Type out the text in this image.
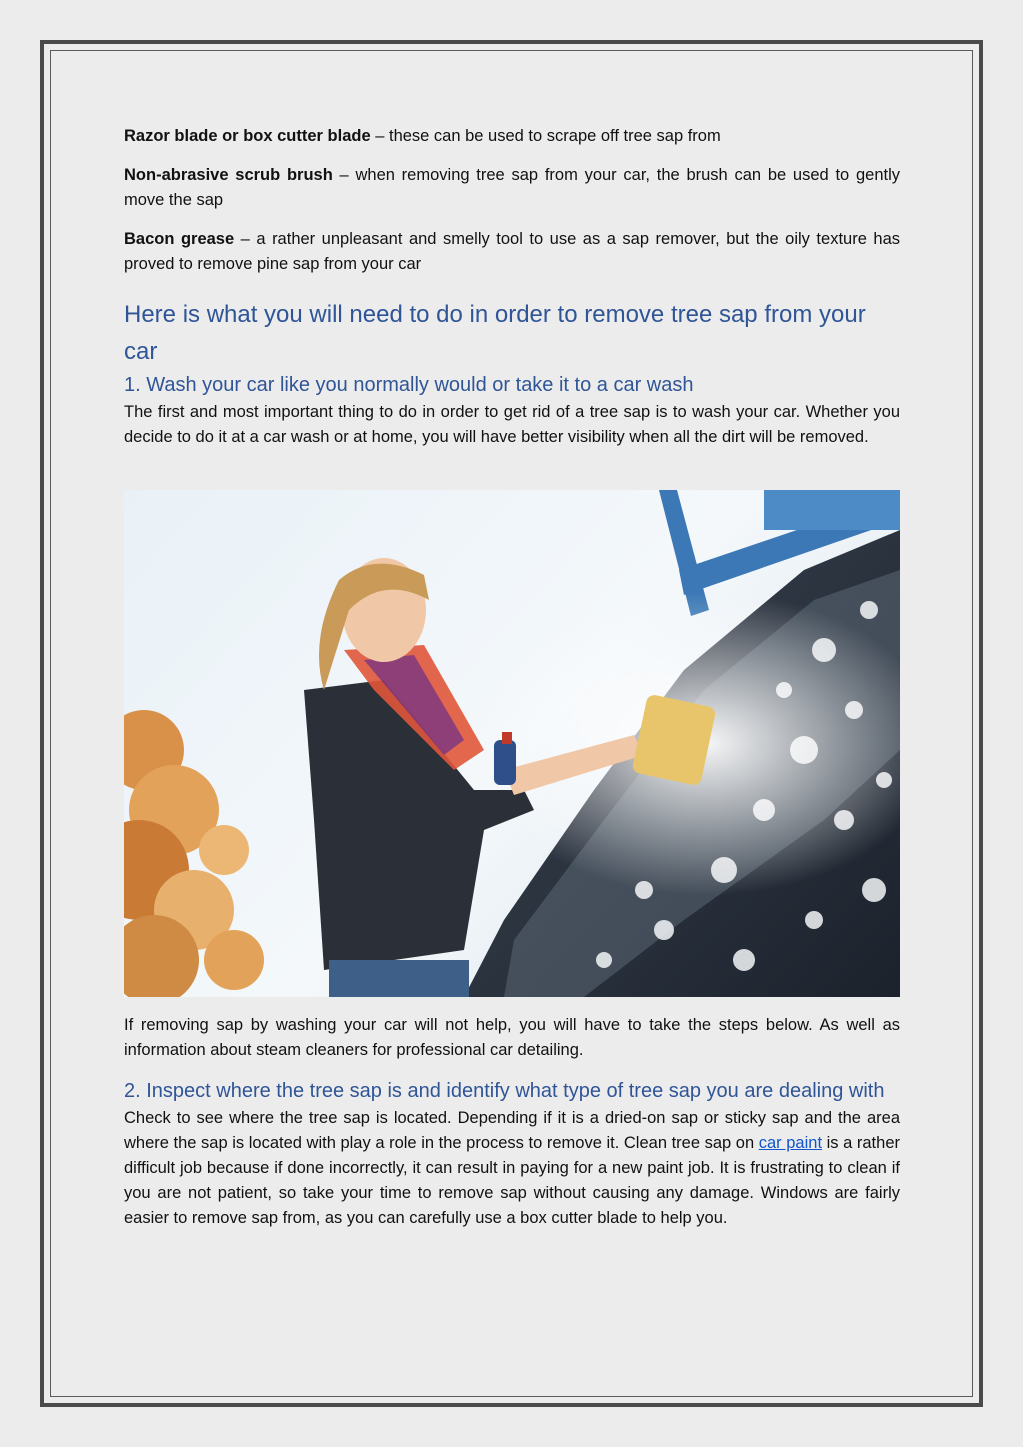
Razor blade or box cutter blade – these can be used to scrape off tree sap from

Non-abrasive scrub brush – when removing tree sap from your car, the brush can be used to gently move the sap

Bacon grease – a rather unpleasant and smelly tool to use as a sap remover, but the oily texture has proved to remove pine sap from your car

Here is what you will need to do in order to remove tree sap from your car
1. Wash your car like you normally would or take it to a car wash

The first and most important thing to do in order to get rid of a tree sap is to wash your car. Whether you decide to do it at a car wash or at home, you will have better visibility when all the dirt will be removed.

If removing sap by washing your car will not help, you will have to take the steps below. As well as information about steam cleaners for professional car detailing.

2. Inspect where the tree sap is and identify what type of tree sap you are dealing with

Check to see where the tree sap is located. Depending if it is a dried-on sap or sticky sap and the area where the sap is located with play a role in the process to remove it. Clean tree sap on car paint is a rather difficult job because if done incorrectly, it can result in paying for a new paint job. It is frustrating to clean if you are not patient, so take your time to remove sap without causing any damage. Windows are fairly easier to remove sap from, as you can carefully use a box cutter blade to help you.
